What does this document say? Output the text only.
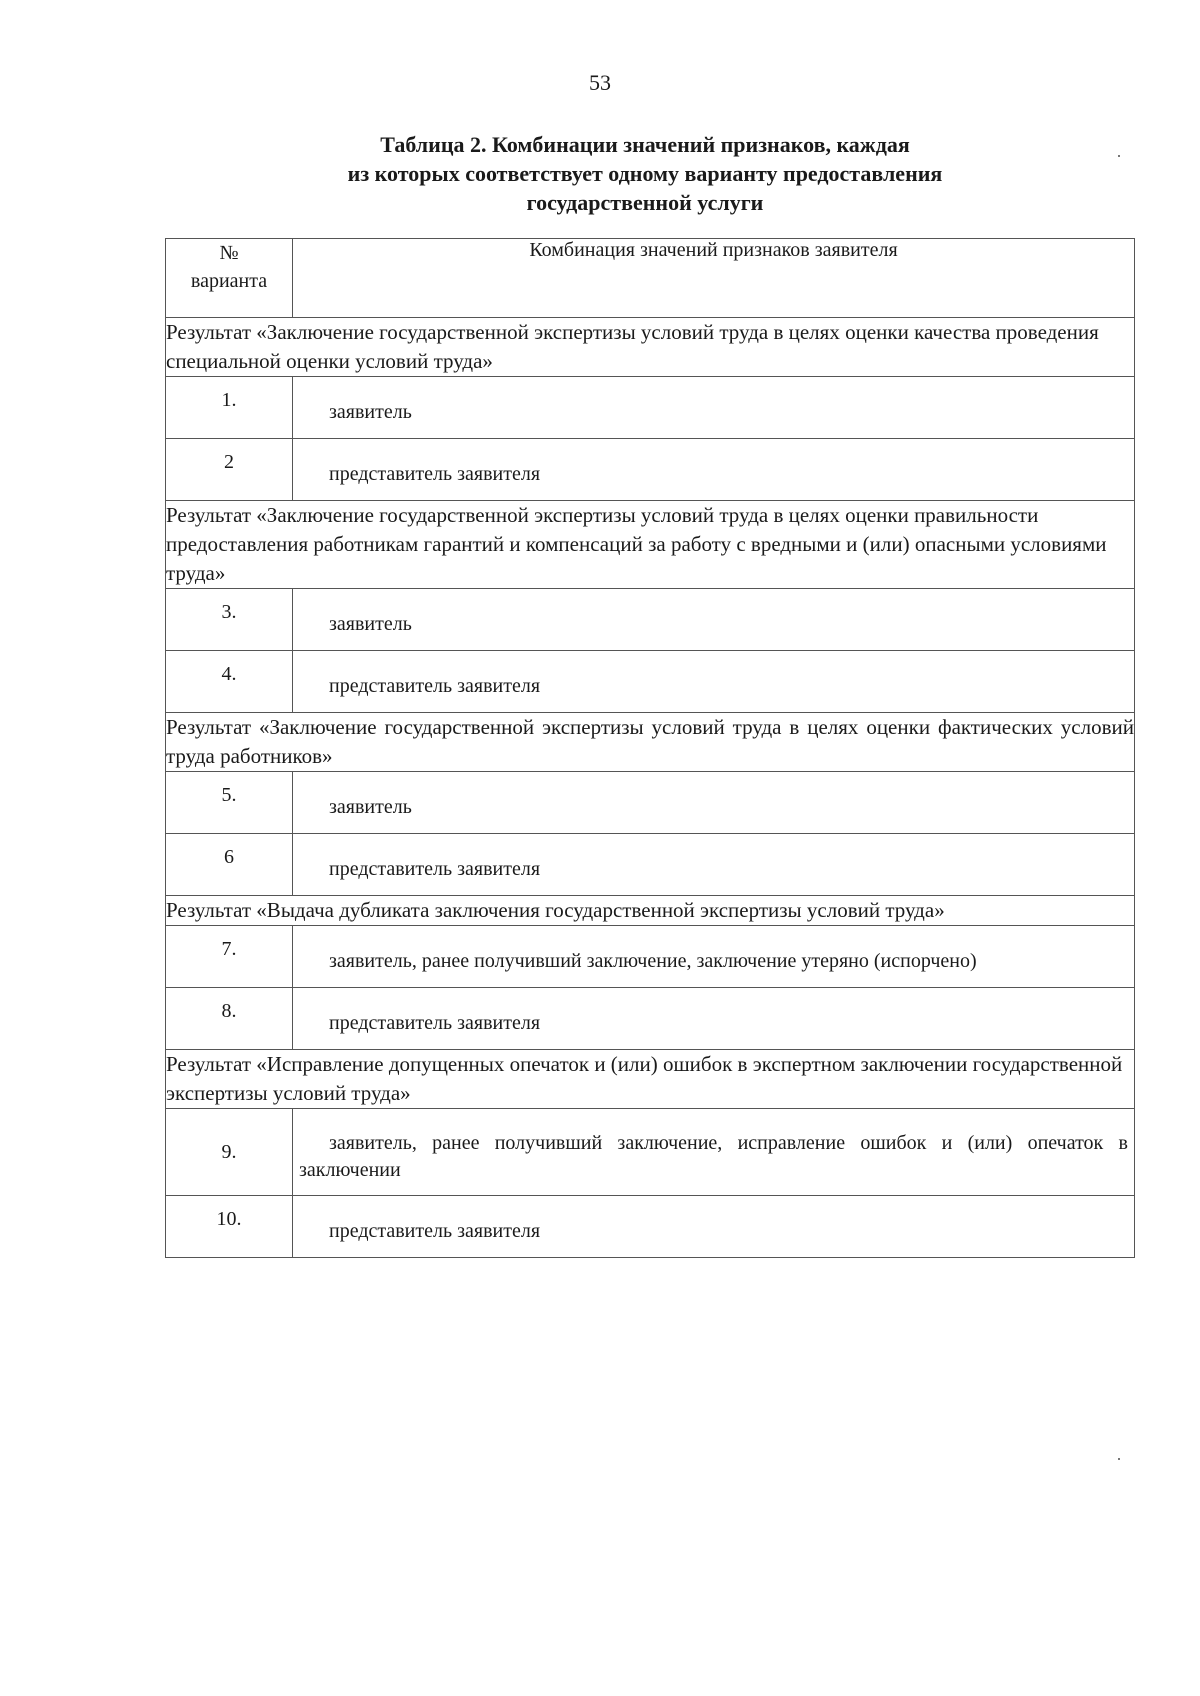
53
Таблица 2. Комбинации значений признаков, каждая
из которых соответствует одному варианту предоставления
государственной услуги
№
варианта	Комбинация значений признаков заявителя
Результат «Заключение государственной экспертизы условий труда в целях оценки качества проведения специальной оценки условий труда»	
1.	заявитель
2	представитель заявителя
Результат «Заключение государственной экспертизы условий труда в целях оценки правильности предоставления работникам гарантий и компенсаций за работу с вредными и (или) опасными условиями труда»	
3.	заявитель
4.	представитель заявителя
Результат «Заключение государственной экспертизы условий труда в целях оценки фактических условий труда работников»	
5.	заявитель
6	представитель заявителя
Результат «Выдача дубликата заключения государственной экспертизы условий труда»	
7.	заявитель, ранее получивший заключение, заключение утеряно (испорчено)
8.	представитель заявителя
Результат «Исправление допущенных опечаток и (или) ошибок в экспертном заключении государственной экспертизы условий труда»	
9.	заявитель, ранее получивший заключение, исправление ошибок и (или) опечаток в заключении
10.	представитель заявителя
